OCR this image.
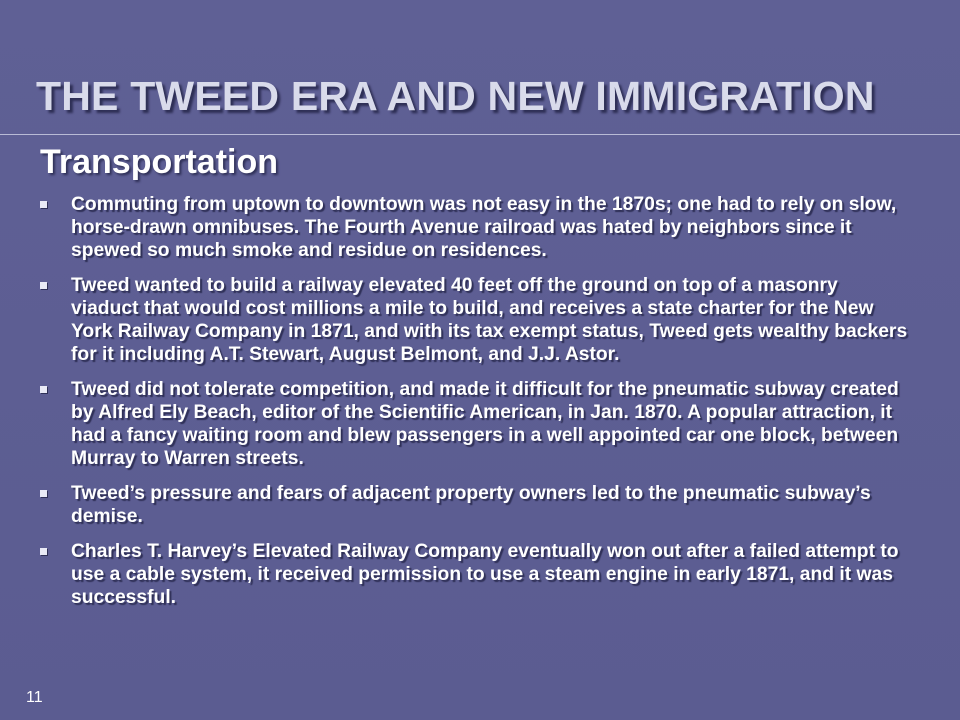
THE TWEED ERA AND NEW IMMIGRATION
Transportation
Commuting from uptown to downtown was not easy in the 1870s; one had to rely on slow, horse-drawn omnibuses. The Fourth Avenue railroad was hated by neighbors since it spewed so much smoke and residue on residences.
Tweed wanted to build a railway elevated 40 feet off the ground on top of a masonry viaduct that would cost millions a mile to build, and receives a state charter for the New York Railway Company in 1871, and with its tax exempt status, Tweed gets wealthy backers for it including A.T. Stewart, August Belmont, and J.J. Astor.
Tweed did not tolerate competition, and made it difficult for the pneumatic subway created by Alfred Ely Beach, editor of the Scientific American, in Jan. 1870. A popular attraction, it had a fancy waiting room and blew passengers in a well appointed car one block, between Murray to Warren streets.
Tweed’s pressure and fears of adjacent property owners led to the pneumatic subway’s demise.
Charles T. Harvey’s Elevated Railway Company eventually won out after a failed attempt to use a cable system, it received permission to use a steam engine in early 1871, and it was successful.
11
